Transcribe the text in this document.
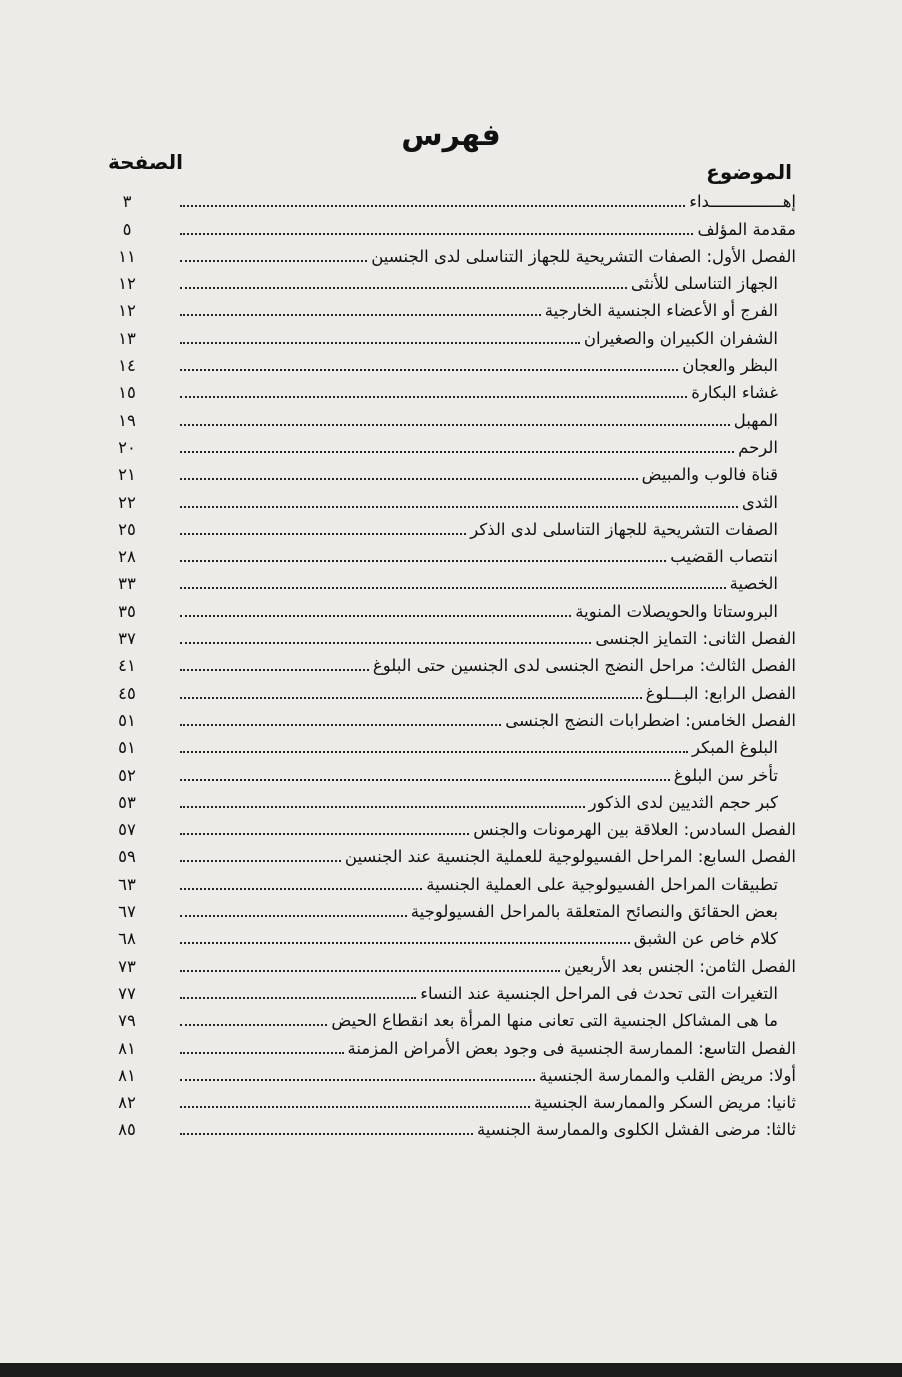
فهرس
الموضوع
الصفحة
إهـــــــــــــــداء
٣
مقدمة المؤلف
٥
الفصل الأول: الصفات التشريحية للجهاز التناسلى لدى الجنسين
١١
الجهاز التناسلى للأنثى
١٢
الفرج أو الأعضاء الجنسية الخارجية
١٢
الشفران الكبيران والصغيران
١٣
البظر والعجان
١٤
غشاء البكارة
١٥
المهبل
١٩
الرحم
٢٠
قناة فالوب والمبيض
٢١
الثدى
٢٢
الصفات التشريحية للجهاز التناسلى لدى الذكر
٢٥
انتصاب القضيب
٢٨
الخصية
٣٣
البروستاتا والحويصلات المنوية
٣٥
الفصل الثانى: التمايز الجنسى
٣٧
الفصل الثالث: مراحل النضج الجنسى لدى الجنسين حتى البلوغ
٤١
الفصل الرابع: البـــلوغ
٤٥
الفصل الخامس: اضطرابات النضج الجنسى
٥١
البلوغ المبكر
٥١
تأخر سن البلوغ
٥٢
كبر حجم الثديين لدى الذكور
٥٣
الفصل السادس: العلاقة بين الهرمونات والجنس
٥٧
الفصل السابع: المراحل الفسيولوجية للعملية الجنسية عند الجنسين
٥٩
تطبيقات المراحل الفسيولوجية على العملية الجنسية
٦٣
بعض الحقائق والنصائح المتعلقة بالمراحل الفسيولوجية
٦٧
كلام خاص عن الشبق
٦٨
الفصل الثامن: الجنس بعد الأربعين
٧٣
التغيرات التى تحدث فى المراحل الجنسية عند النساء
٧٧
ما هى المشاكل الجنسية التى تعانى منها المرأة بعد انقطاع الحيض
٧٩
الفصل التاسع: الممارسة الجنسية فى وجود بعض الأمراض المزمنة
٨١
أولا: مريض القلب والممارسة الجنسية
٨١
ثانيا: مريض السكر والممارسة الجنسية
٨٢
ثالثا: مرضى الفشل الكلوى والممارسة الجنسية
٨٥
